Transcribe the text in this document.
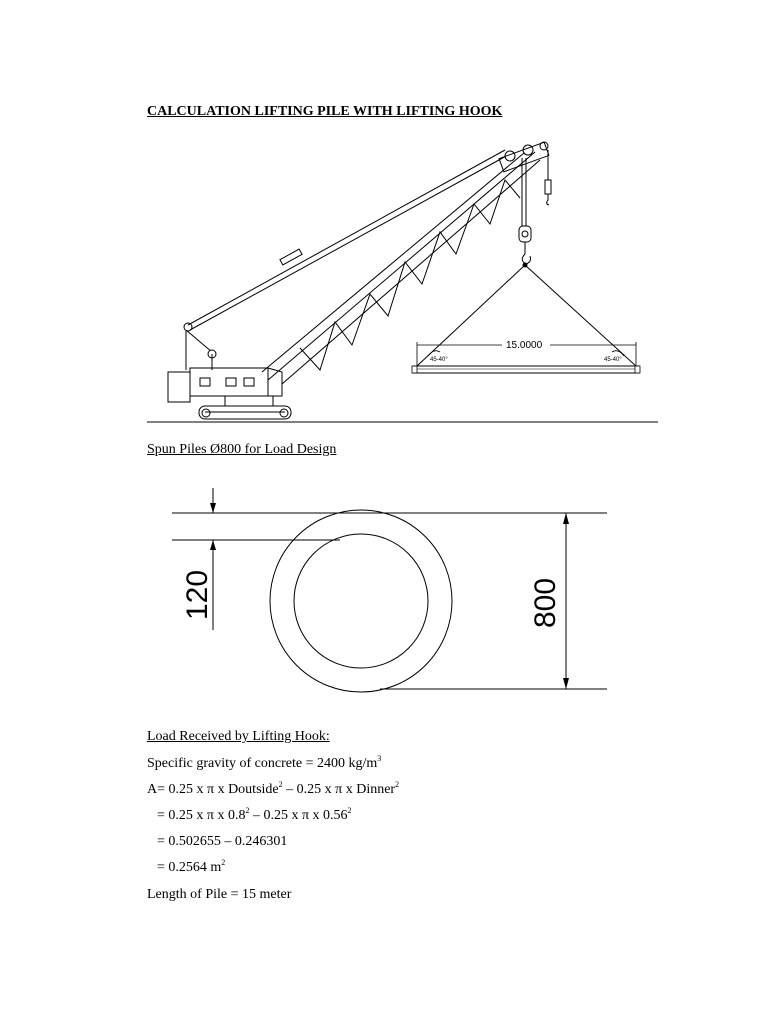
CALCULATION LIFTING PILE WITH LIFTING HOOK
45-40°	45-40°
15.0000
Spun Piles Ø800 for Load Design
120	800
Load Received by Lifting Hook:
Specific gravity of concrete = 2400 $kg/m^3$
A= 0.25 x π x Doutside$^2$ – 0.25 x π x Dinner$^2$
= 0.25 x π x $0.8^2 - 0.25$ x π x $0.56^2$
= 0.502655 – 0.246301
= 0.2564 $m^2$
Length of Pile = 15 meter
